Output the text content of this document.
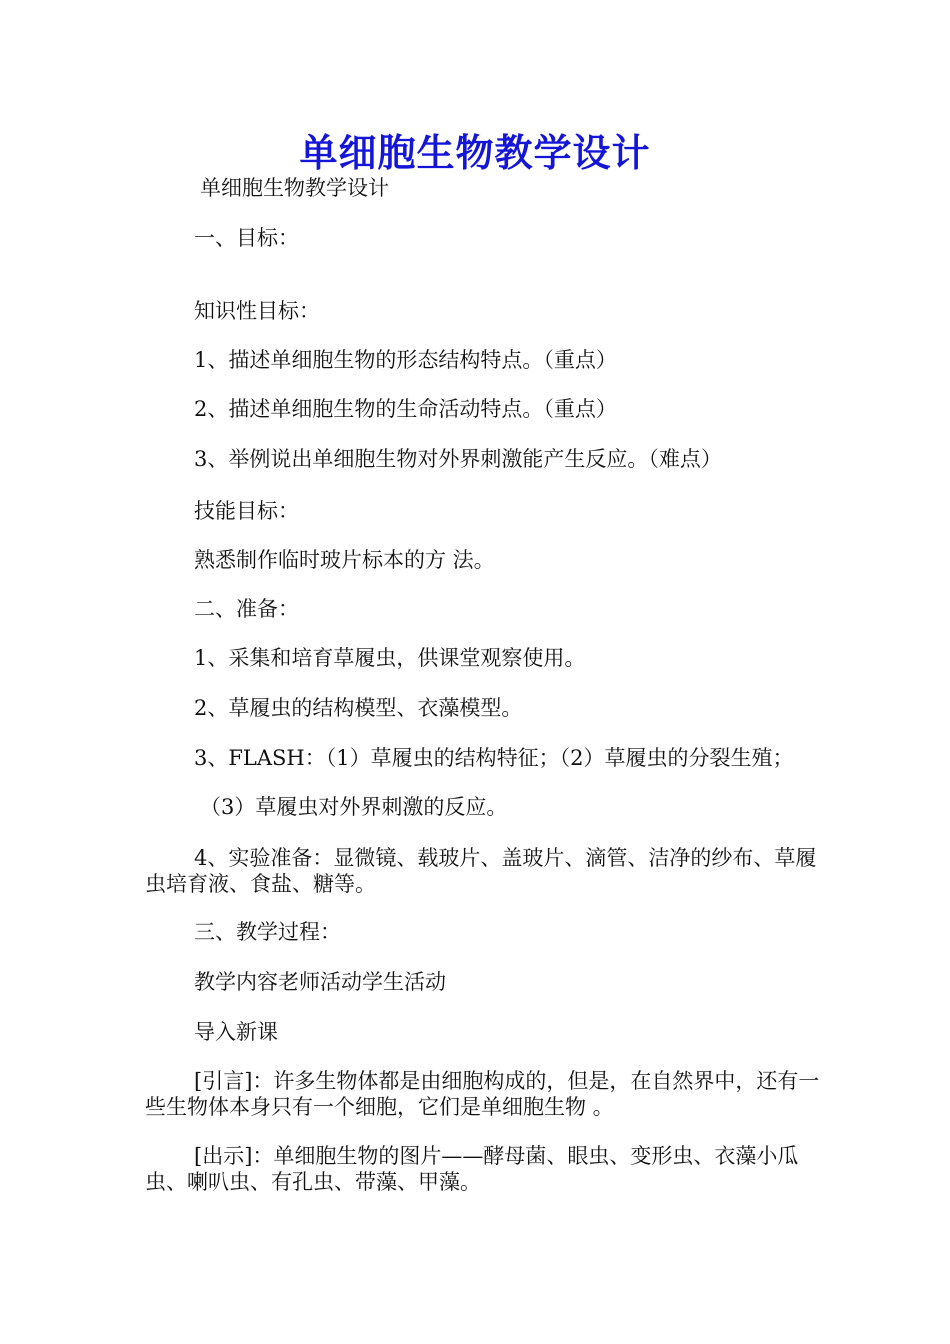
单细胞生物教学设计
单细胞生物教学设计
一、目标：
知识性目标：
1、描述单细胞生物的形态结构特点。（重点）
2、描述单细胞生物的生命活动特点。（重点）
3、举例说出单细胞生物对外界刺激能产生反应。（难点）
技能目标：
熟悉制作临时玻片标本的方 法。
二、准备：
1、采集和培育草履虫，供课堂观察使用。
2、草履虫的结构模型、衣藻模型。
3、FLASH：（1）草履虫的结构特征；（2）草履虫的分裂生殖；
（3）草履虫对外界刺激的反应。
4、实验准备：显微镜、载玻片、盖玻片、滴管、洁净的纱布、草履虫培育液、食盐、糖等。
三、教学过程：
教学内容老师活动学生活动
导入新课
[引言]：许多生物体都是由细胞构成的，但是，在自然界中，还有一些生物体本身只有一个细胞，它们是单细胞生物 。
[出示]：单细胞生物的图片——酵母菌、眼虫、变形虫、衣藻小瓜虫、喇叭虫、有孔虫、带藻、甲藻。
